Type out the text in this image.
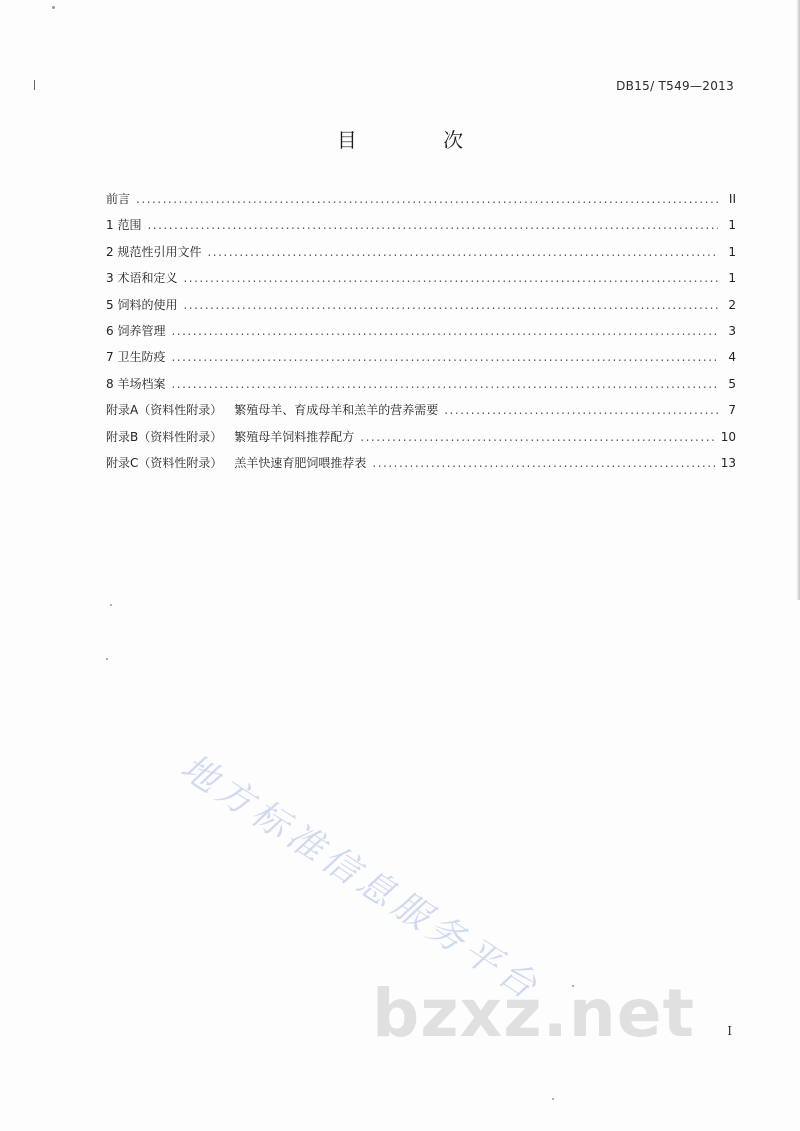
DB15/ T549—2013
目 次
前言 .....	II
1 范围 .....	1
2 规范性引用文件 .....	1
3 术语和定义 .....	1
5 饲料的使用 .....	2
6 饲养管理 .....	3
7 卫生防疫 .....	4
8 羊场档案 .....	5
附录A（资料性附录） 繁殖母羊、育成母羊和羔羊的营养需要 .....	7
附录B（资料性附录） 繁殖母羊饲料推荐配方 .....	10
附录C（资料性附录） 羔羊快速育肥饲喂推荐表 .....	13
地方标准信息服务平台
bzxz.net	I
